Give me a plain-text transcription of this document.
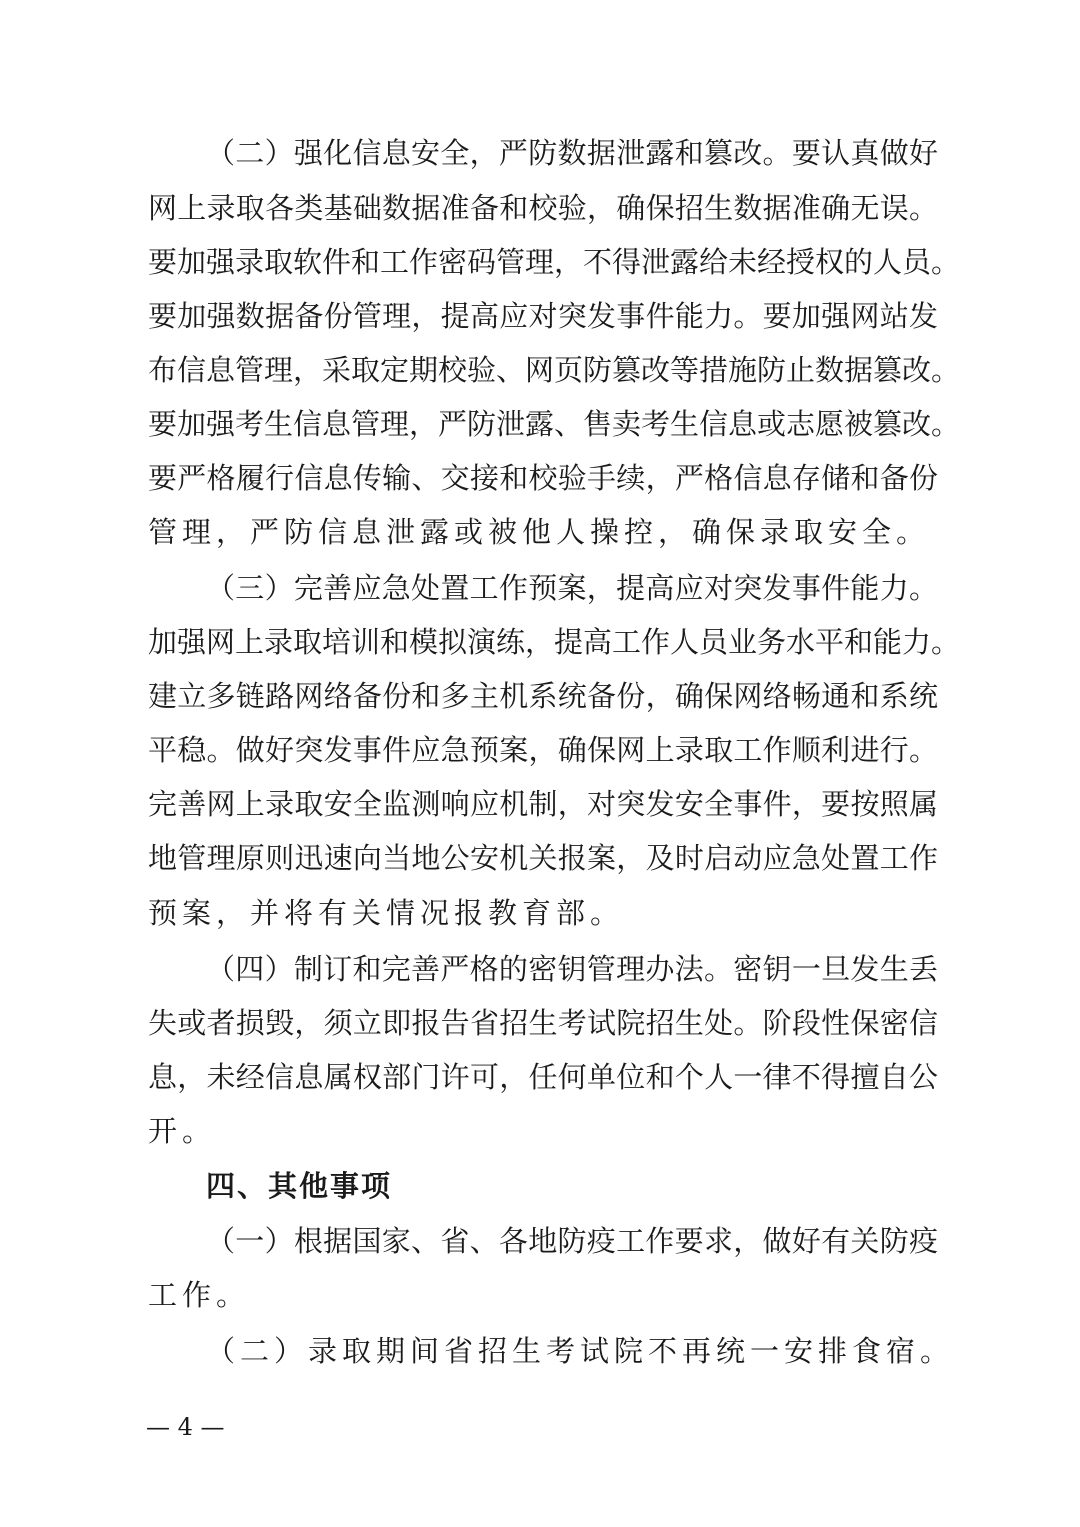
（二）强化信息安全，严防数据泄露和篡改。要认真做好
网上录取各类基础数据准备和校验，确保招生数据准确无误。
要加强录取软件和工作密码管理，不得泄露给未经授权的人员。
要加强数据备份管理，提高应对突发事件能力。要加强网站发
布信息管理，采取定期校验、网页防篡改等措施防止数据篡改。
要加强考生信息管理，严防泄露、售卖考生信息或志愿被篡改。
要严格履行信息传输、交接和校验手续，严格信息存储和备份
管理，严防信息泄露或被他人操控，确保录取安全。
（三）完善应急处置工作预案，提高应对突发事件能力。
加强网上录取培训和模拟演练，提高工作人员业务水平和能力。
建立多链路网络备份和多主机系统备份，确保网络畅通和系统
平稳。做好突发事件应急预案，确保网上录取工作顺利进行。
完善网上录取安全监测响应机制，对突发安全事件，要按照属
地管理原则迅速向当地公安机关报案，及时启动应急处置工作
预案，并将有关情况报教育部。
（四）制订和完善严格的密钥管理办法。密钥一旦发生丢
失或者损毁，须立即报告省招生考试院招生处。阶段性保密信
息，未经信息属权部门许可，任何单位和个人一律不得擅自公
开。
四、其他事项
（一）根据国家、省、各地防疫工作要求，做好有关防疫
工作。
（二）录取期间省招生考试院不再统一安排食宿。
— 4 —
